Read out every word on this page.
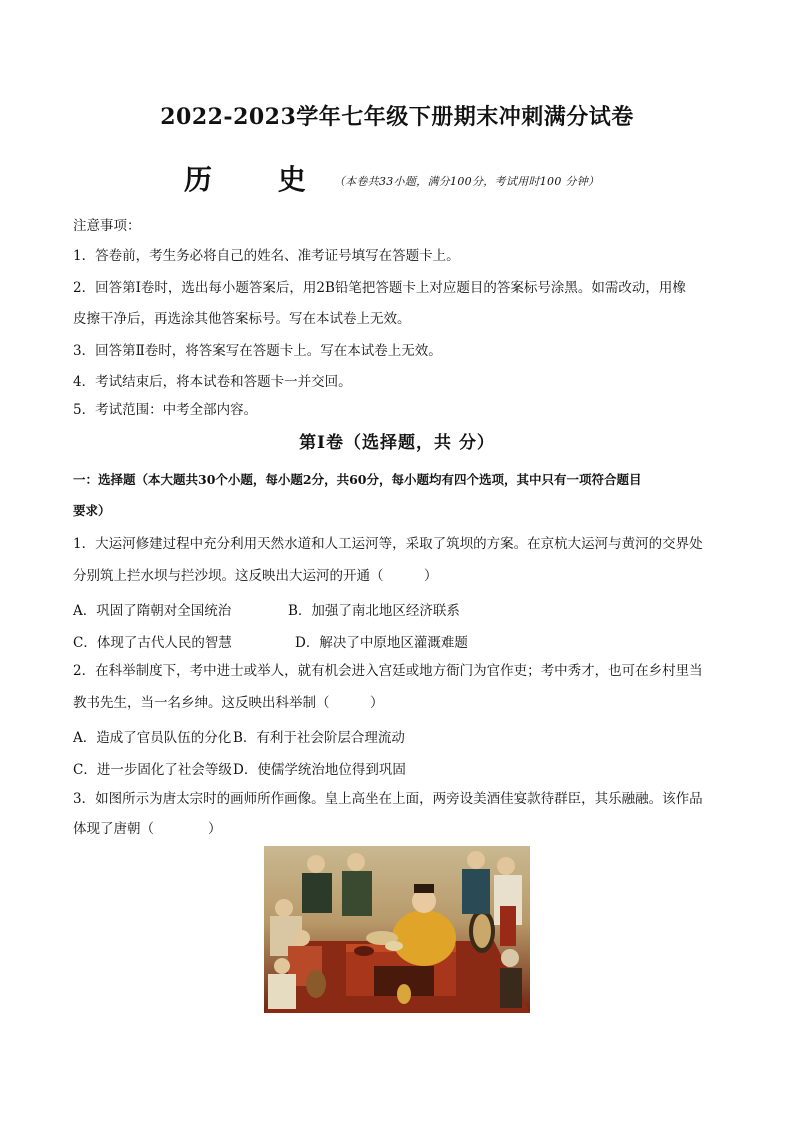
2022-2023学年七年级下册期末冲刺满分试卷
历 史$^{(本卷共33小题,满分100分,考试用时100 分钟)}$

注意事项：

1．答卷前，考生务必将自己的姓名、准考证号填写在答题卡上。

2．回答第Ⅰ卷时，选出每小题答案后，用2B铅笔把答题卡上对应题目的答案标号涂黑。如需改动，用橡

皮擦干净后，再选涂其他答案标号。写在本试卷上无效。

3．回答第Ⅱ卷时，将答案写在答题卡上。写在本试卷上无效。

4．考试结束后，将本试卷和答题卡一并交回。

5．考试范围：中考全部内容。

第Ⅰ卷（选择题，共 分）

一：选择题（本大题共30个小题，每小题2分，共60分，每小题均有四个选项，其中只有一项符合题目

要求）

1．大运河修建过程中充分利用天然水道和人工运河等，采取了筑坝的方案。在京杭大运河与黄河的交界处

分别筑上拦水坝与拦沙坝。这反映出大运河的开通（　　　）

A．巩固了隋朝对全国统治	B．加强了南北地区经济联系
C．体现了古代人民的智慧	D．解决了中原地区灌溉难题

2．在科举制度下，考中进士或举人，就有机会进入宫廷或地方衙门为官作吏；考中秀才，也可在乡村里当

教书先生，当一名乡绅。这反映出科举制（　　　）

A．造成了官员队伍的分化 B．有利于社会阶层合理流动
C．进一步固化了社会等级D．使儒学统治地位得到巩固

3．如图所示为唐太宗时的画师所作画像。皇上高坐在上面，两旁设美酒佳宴款待群臣，其乐融融。该作品

体现了唐朝（　　　　）
